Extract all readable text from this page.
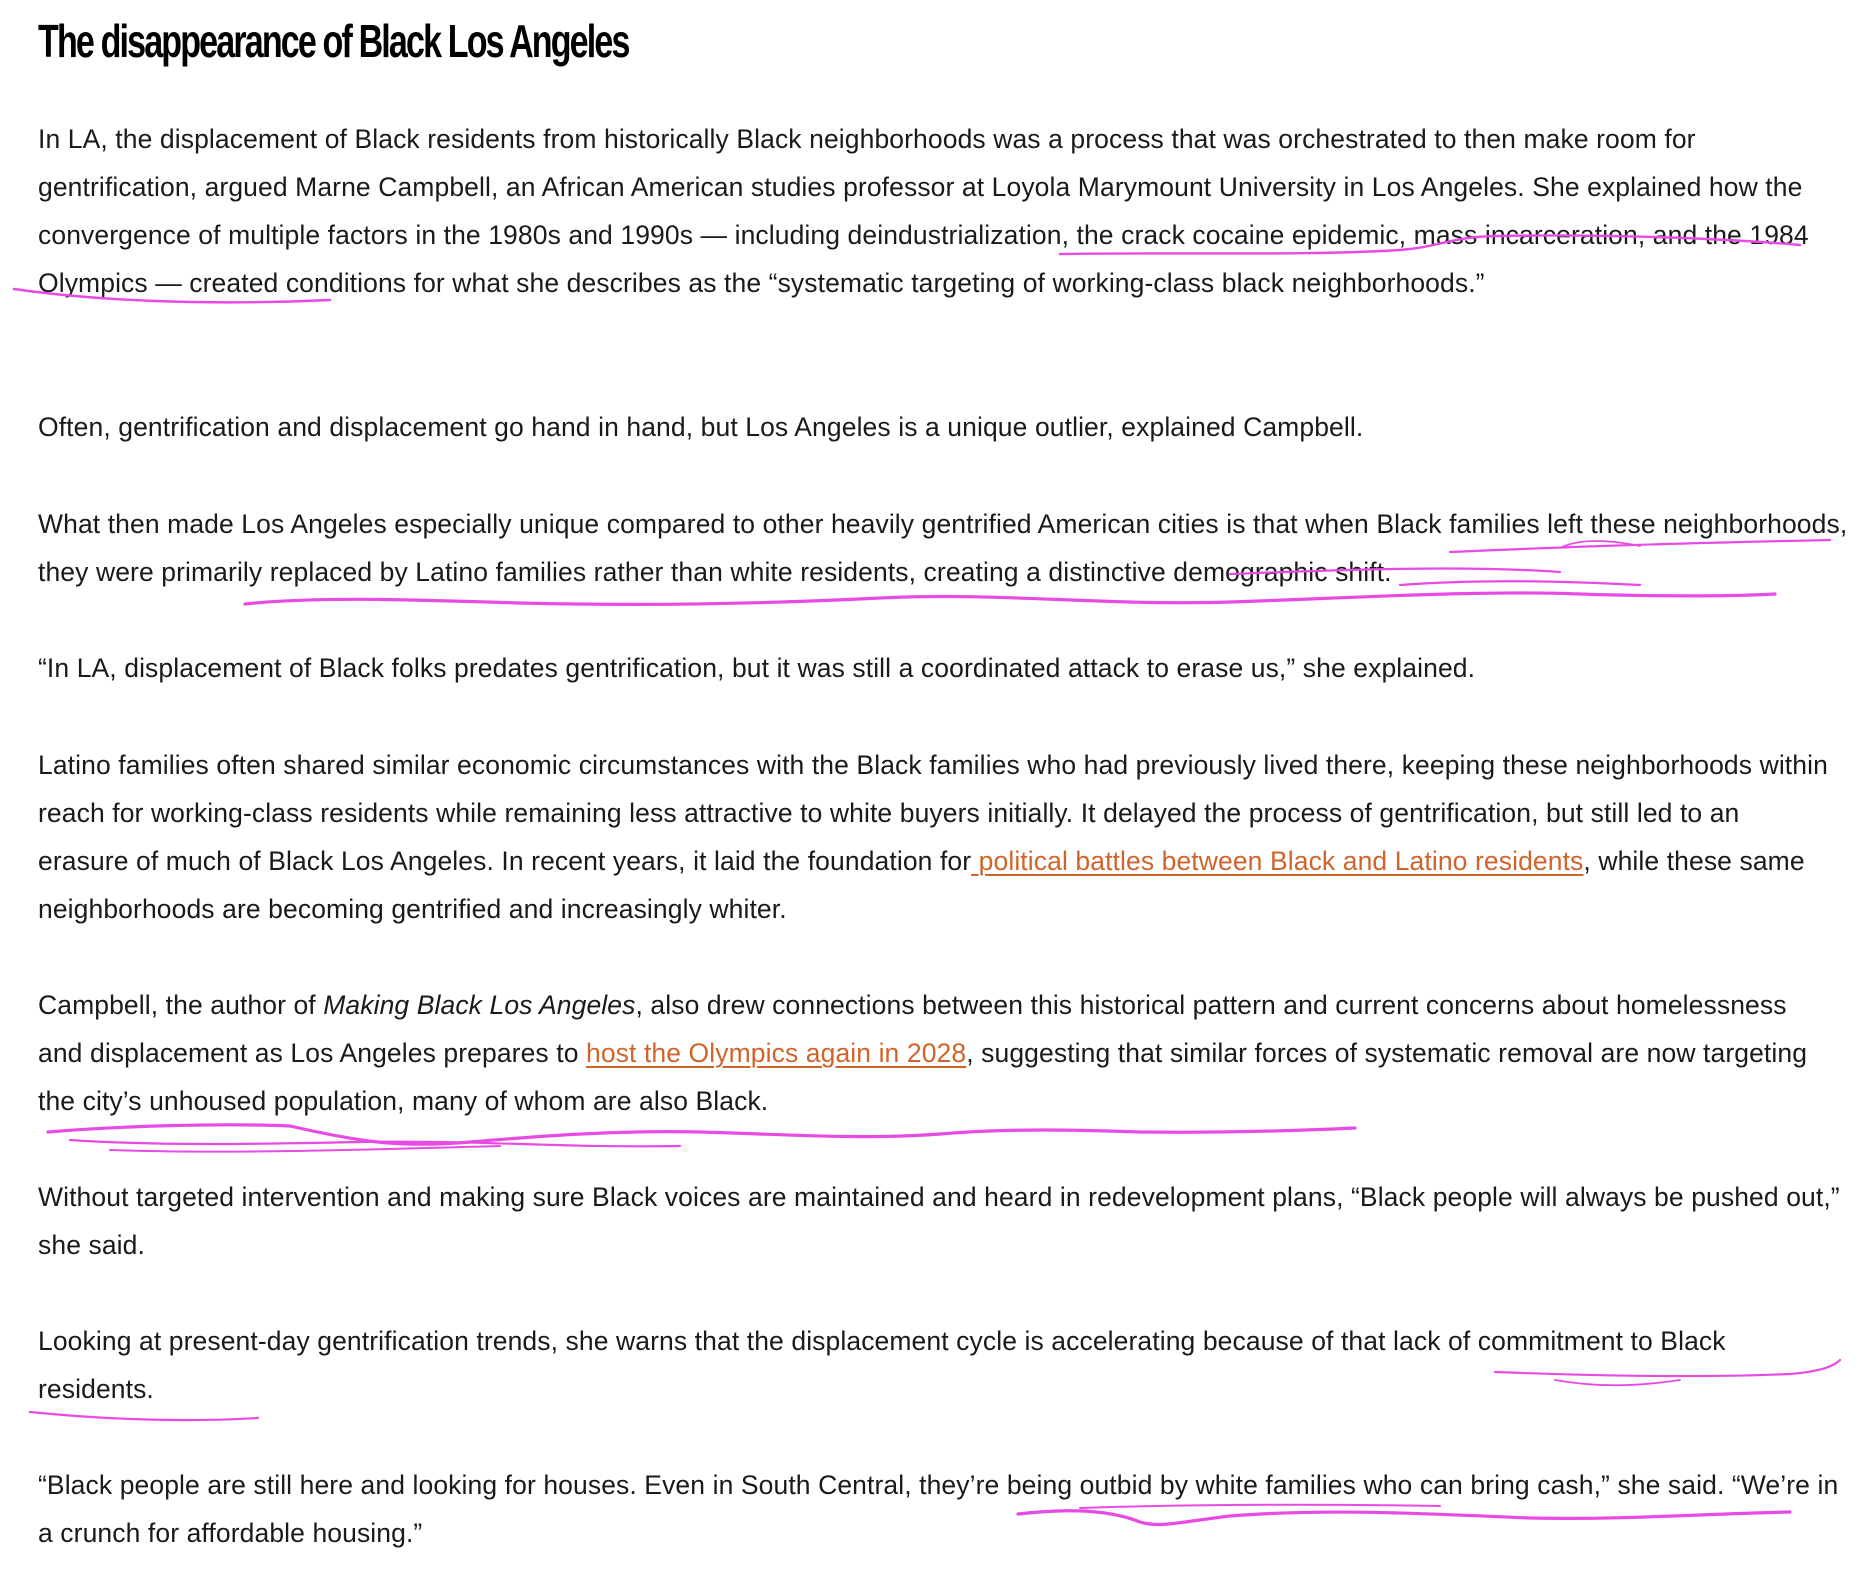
The disappearance of Black Los Angeles

In LA, the displacement of Black residents from historically Black neighborhoods was a process that was orchestrated to then make room for gentrification, argued Marne Campbell, an African American studies professor at Loyola Marymount University in Los Angeles. She explained how the convergence of multiple factors in the 1980s and 1990s — including deindustrialization, the crack cocaine epidemic, mass incarceration, and the 1984 Olympics — created conditions for what she describes as the “systematic targeting of working-class black neighborhoods.”

Often, gentrification and displacement go hand in hand, but Los Angeles is a unique outlier, explained Campbell.

What then made Los Angeles especially unique compared to other heavily gentrified American cities is that when Black families left these neighborhoods, they were primarily replaced by Latino families rather than white residents, creating a distinctive demographic shift.

“In LA, displacement of Black folks predates gentrification, but it was still a coordinated attack to erase us,” she explained.

Latino families often shared similar economic circumstances with the Black families who had previously lived there, keeping these neighborhoods within reach for working-class residents while remaining less attractive to white buyers initially. It delayed the process of gentrification, but still led to an erasure of much of Black Los Angeles. In recent years, it laid the foundation for political battles between Black and Latino residents, while these same neighborhoods are becoming gentrified and increasingly whiter.

Campbell, the author of Making Black Los Angeles, also drew connections between this historical pattern and current concerns about homelessness and displacement as Los Angeles prepares to host the Olympics again in 2028, suggesting that similar forces of systematic removal are now targeting the city’s unhoused population, many of whom are also Black.

Without targeted intervention and making sure Black voices are maintained and heard in redevelopment plans, “Black people will always be pushed out,” she said.

Looking at present-day gentrification trends, she warns that the displacement cycle is accelerating because of that lack of commitment to Black residents.

“Black people are still here and looking for houses. Even in South Central, they’re being outbid by white families who can bring cash,” she said. “We’re in a crunch for affordable housing.”
